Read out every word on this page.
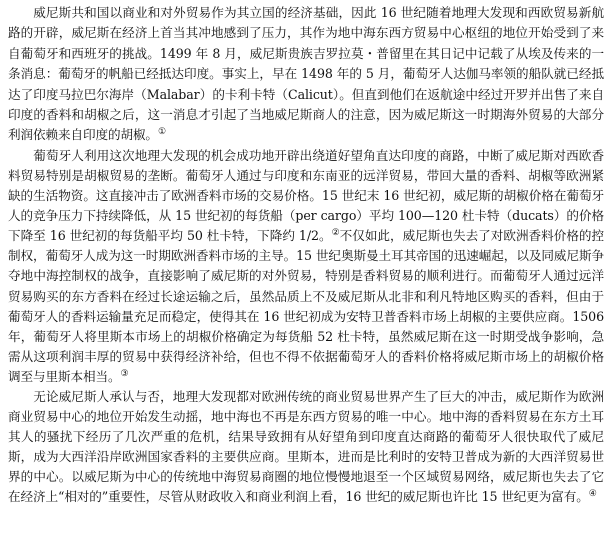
威尼斯共和国以商业和对外贸易作为其立国的经济基础，因此 16 世纪随着地理大发现和西欧贸易新航路的开辟，威尼斯在经济上首当其冲地感到了压力，其作为地中海东西方贸易中心枢纽的地位开始受到了来自葡萄牙和西班牙的挑战。1499 年 8 月，威尼斯贵族吉罗拉莫・普留里在其日记中记载了从埃及传来的一条消息：葡萄牙的帆船已经抵达印度。事实上，早在 1498 年的 5 月，葡萄牙人达伽马率领的船队就已经抵达了印度马拉巴尔海岸（Malabar）的卡利卡特（Calicut）。但直到他们在返航途中经过开罗并出售了来自印度的香料和胡椒之后，这一消息才引起了当地威尼斯商人的注意，因为威尼斯这一时期海外贸易的大部分利润依赖来自印度的胡椒。①

葡萄牙人利用这次地理大发现的机会成功地开辟出绕道好望角直达印度的商路，中断了威尼斯对西欧香料贸易特别是胡椒贸易的垄断。葡萄牙人通过与印度和东南亚的远洋贸易，带回大量的香料、胡椒等欧洲紧缺的生活物资。这直接冲击了欧洲香料市场的交易价格。15 世纪末 16 世纪初，威尼斯的胡椒价格在葡萄牙人的竞争压力下持续降低，从 15 世纪初的每货船（per cargo）平均 100—120 杜卡特（ducats）的价格下降至 16 世纪初的每货船平均 50 杜卡特，下降约 1/2。②不仅如此，威尼斯也失去了对欧洲香料价格的控制权，葡萄牙人成为这一时期欧洲香料市场的主导。15 世纪奥斯曼土耳其帝国的迅速崛起，以及同威尼斯争夺地中海控制权的战争，直接影响了威尼斯的对外贸易，特别是香料贸易的顺利进行。而葡萄牙人通过远洋贸易购买的东方香料在经过长途运输之后，虽然品质上不及威尼斯从北非和利凡特地区购买的香料，但由于葡萄牙人的香料运输量充足而稳定，使得其在 16 世纪初成为安特卫普香料市场上胡椒的主要供应商。1506 年，葡萄牙人将里斯本市场上的胡椒价格确定为每货船 52 杜卡特，虽然威尼斯在这一时期受战争影响，急需从这项利润丰厚的贸易中获得经济补给，但也不得不依据葡萄牙人的香料价格将威尼斯市场上的胡椒价格调至与里斯本相当。③

无论威尼斯人承认与否，地理大发现都对欧洲传统的商业贸易世界产生了巨大的冲击，威尼斯作为欧洲商业贸易中心的地位开始发生动摇，地中海也不再是东西方贸易的唯一中心。地中海的香料贸易在东方土耳其人的骚扰下经历了几次严重的危机，结果导致拥有从好望角到印度直达商路的葡萄牙人很快取代了威尼斯，成为大西洋沿岸欧洲国家香料的主要供应商。里斯本，进而是比利时的安特卫普成为新的大西洋贸易世界的中心。以威尼斯为中心的传统地中海贸易商圈的地位慢慢地退至一个区域贸易网络，威尼斯也失去了它在经济上“相对的”重要性，尽管从财政收入和商业利润上看，16 世纪的威尼斯也许比 15 世纪更为富有。④
